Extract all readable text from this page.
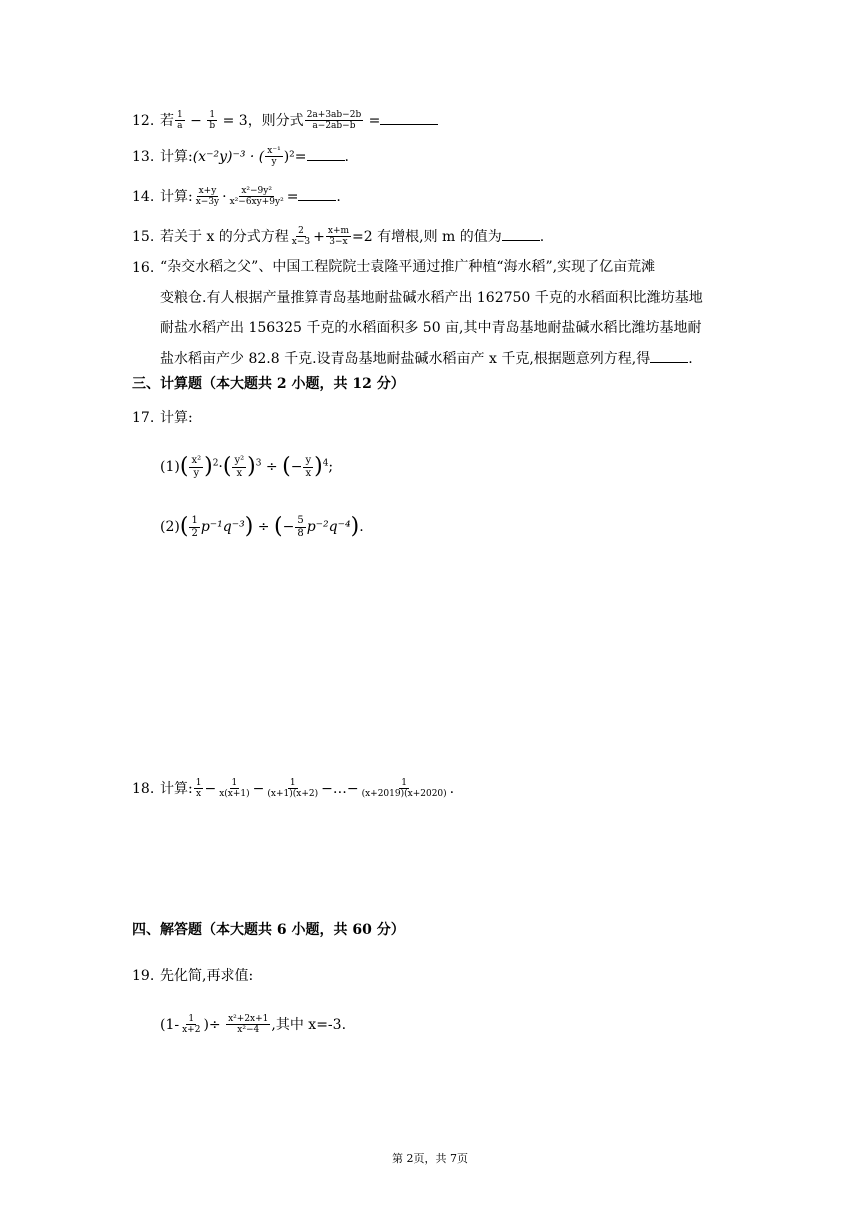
12. 若 $\frac{1}{a} - \frac{1}{b} = 3$，则分式 $\frac{2a+3ab-2b}{a-2ab-b}$ =
13. 计算:(x⁻²y)⁻³ · ( $\frac{\text{x⁻¹}}{y} )^2=$	.
14. 计算: $\frac{x+y}{x-3y} \cdot \frac{\text{x²−9y²}}{\text{x²−6xy+9y²}}$ =	.
15. 若关于 x 的分式方程 $\frac{2}{x-3} + \frac{x+m}{3-x} =2$ 有增根,则 m 的值为	.
16. “杂交水稻之父”、中国工程院院士袁隆平通过推广种植“海水稻”,实现了亿亩荒滩
变粮仓.有人根据产量推算青岛基地耐盐碱水稻产出 162750 千克的水稻面积比潍坊基地
耐盐水稻产出 156325 千克的水稻面积多 50 亩,其中青岛基地耐盐碱水稻比潍坊基地耐
盐水稻亩产少 82.8 千克.设青岛基地耐盐碱水稻亩产 x 千克,根据题意列方程,得	.
三、计算题（本大题共 2 小题，共 12 分）
17. 计算:
$(1)( \frac{\text{x²}}{y} )^2\cdot( \frac{\text{y²}}{x} )^3$ ÷ (− $\frac{y}{x} )^4$;
$(2)( \frac{1}{2} p^{-1}q^{-3})$ ÷ (− $\frac{5}{8} p^{-2}q^{-4}$).
18. 计算: $\frac{1}{x} - \frac{1}{x(x+1)} - \frac{1}{(x+1)(x+2)}$ −…− $\frac{1}{(x+2019)(x+2020)}$ .
四、解答题（本大题共 6 小题，共 60 分）
19. 先化简,再求值:
($1- \frac{1}{x+2}$ )÷ $\frac{\text{x²+2x+1}}{\text{x²−4}}$ ,其中 x=-3.
第 2页，共 7页
